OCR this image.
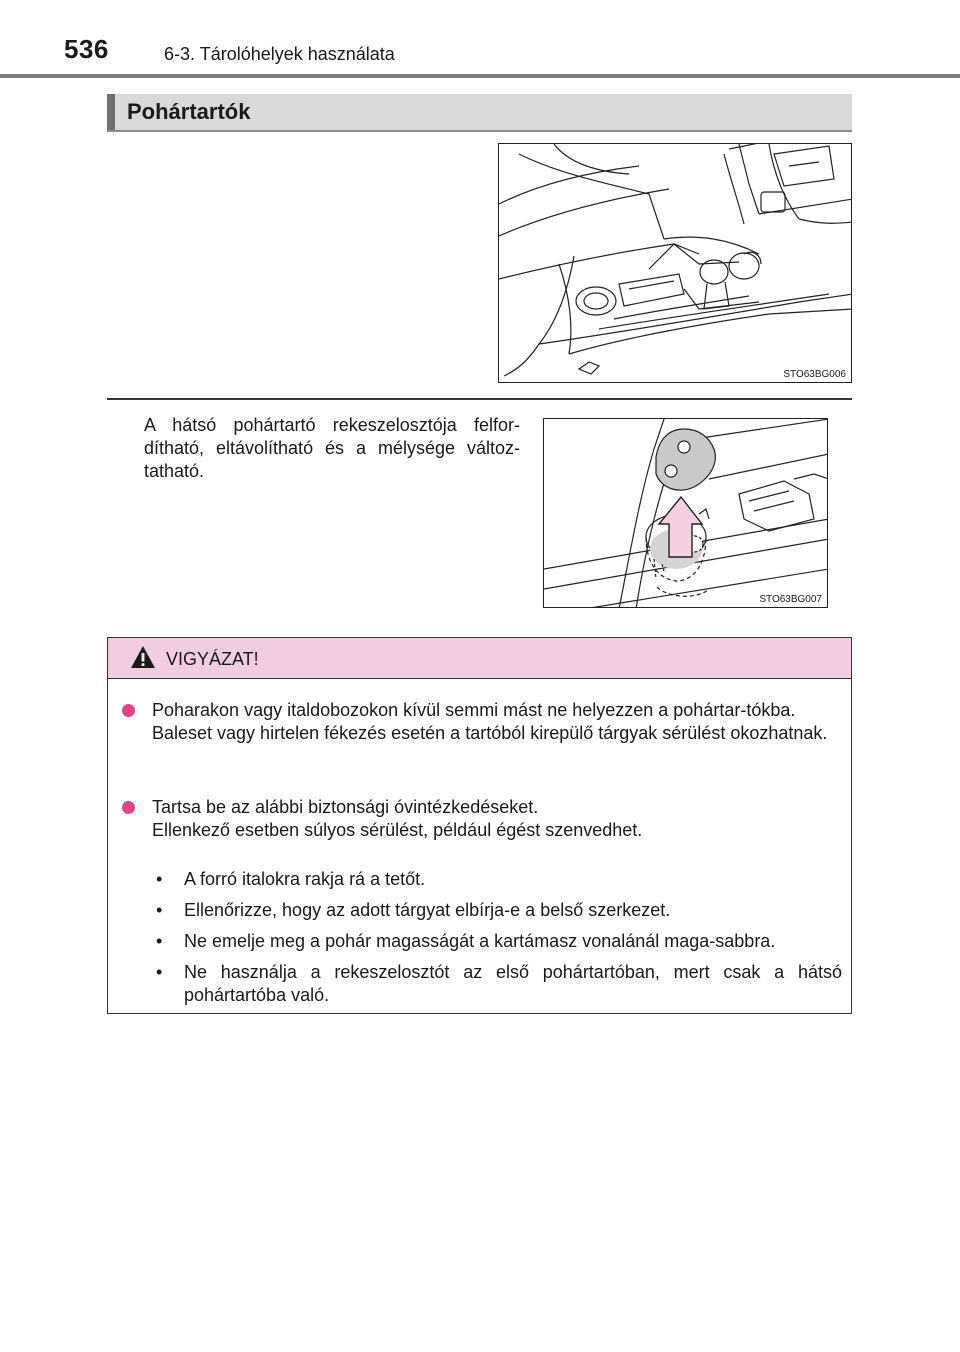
536	6-3. Tárolóhelyek használata
Pohártartók
STO63BG006
A hátsó pohártartó rekeszelosztója felfor-dítható, eltávolítható és a mélysége változ-tatható.
STO63BG007
VIGYÁZAT!

Poharakon vagy italdobozokon kívül semmi mást ne helyezzen a pohártar-tókba.

Baleset vagy hirtelen fékezés esetén a tartóból kirepülő tárgyak sérülést okozhatnak.

Tartsa be az alábbi biztonsági óvintézkedéseket.

Ellenkező esetben súlyos sérülést, például égést szenvedhet.

• A forró italokra rakja rá a tetőt.
• Ellenőrizze, hogy az adott tárgyat elbírja-e a belső szerkezet.
• Ne emelje meg a pohár magasságát a kartámasz vonalánál maga-sabbra.
• Ne használja a rekeszelosztót az első pohártartóban, mert csak a hátsó pohártartóba való.
